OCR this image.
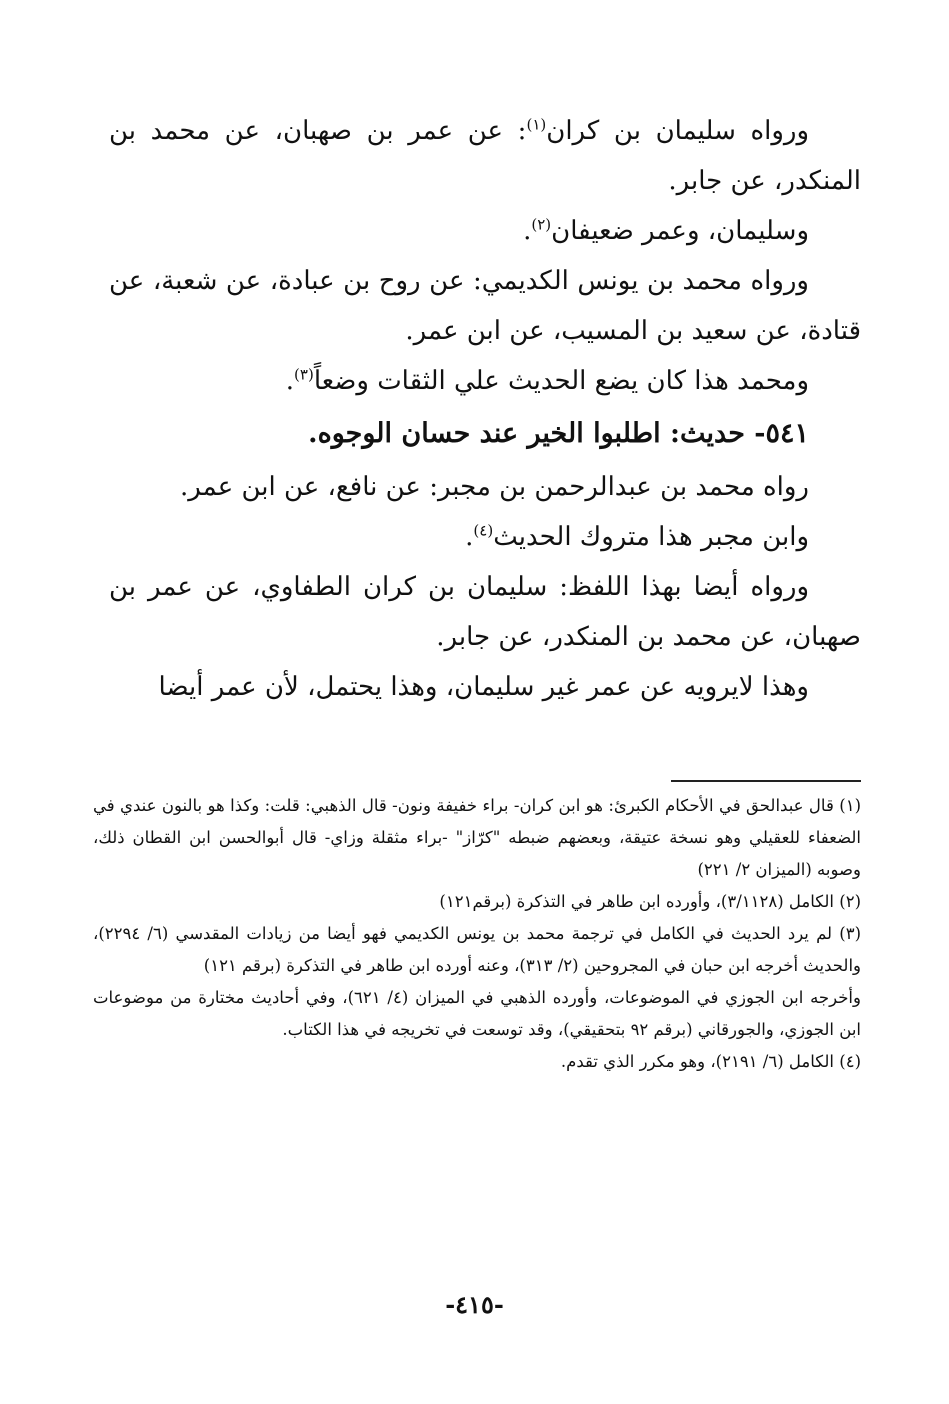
ورواه سليمان بن كران$^{(١)}$: عن عمر بن صهبان، عن محمد بن المنكدر، عن جابر.

وسليمان، وعمر ضعيفان$^{(٢)}$.

ورواه محمد بن يونس الكديمي: عن روح بن عبادة، عن شعبة، عن قتادة، عن سعيد بن المسيب، عن ابن عمر.

ومحمد هذا كان يضع الحديث علي الثقات وضعاً$^{(٣)}$.

٥٤١- حديث: اطلبوا الخير عند حسان الوجوه.

رواه محمد بن عبدالرحمن بن مجبر: عن نافع، عن ابن عمر.

وابن مجبر هذا متروك الحديث$^{(٤)}$.

ورواه أيضا بهذا اللفظ: سليمان بن كران الطفاوي، عن عمر بن صهبان، عن محمد بن المنكدر، عن جابر.

وهذا لايرويه عن عمر غير سليمان، وهذا يحتمل، لأن عمر أيضا

(١) قال عبدالحق في الأحكام الكبرئ: هو ابن كران- براء خفيفة ونون- قال الذهبي: قلت: وكذا هو بالنون عندي في الضعفاء للعقيلي وهو نسخة عتيقة، وبعضهم ضبطه "كرّاز" -براء مثقلة وزاي- قال أبوالحسن ابن القطان ذلك، وصوبه (الميزان ٢/ ٢٢١)

(٢) الكامل (٣/١١٢٨)، وأورده ابن طاهر في التذكرة (برقم١٢١)

(٣) لم يرد الحديث في الكامل في ترجمة محمد بن يونس الكديمي فهو أيضا من زيادات المقدسي (٦/ ٢٢٩٤)، والحديث أخرجه ابن حبان في المجروحين (٢/ ٣١٣)، وعنه أورده ابن طاهر في التذكرة (برقم ١٢١)

وأخرجه ابن الجوزي في الموضوعات، وأورده الذهبي في الميزان (٤/ ٦٢١)، وفي أحاديث مختارة من موضوعات ابن الجوزي، والجورقاني (برقم ٩٢ بتحقيقي)، وقد توسعت في تخريجه في هذا الكتاب.

(٤) الكامل (٦/ ٢١٩١)، وهو مكرر الذي تقدم.

-٤١٥-
